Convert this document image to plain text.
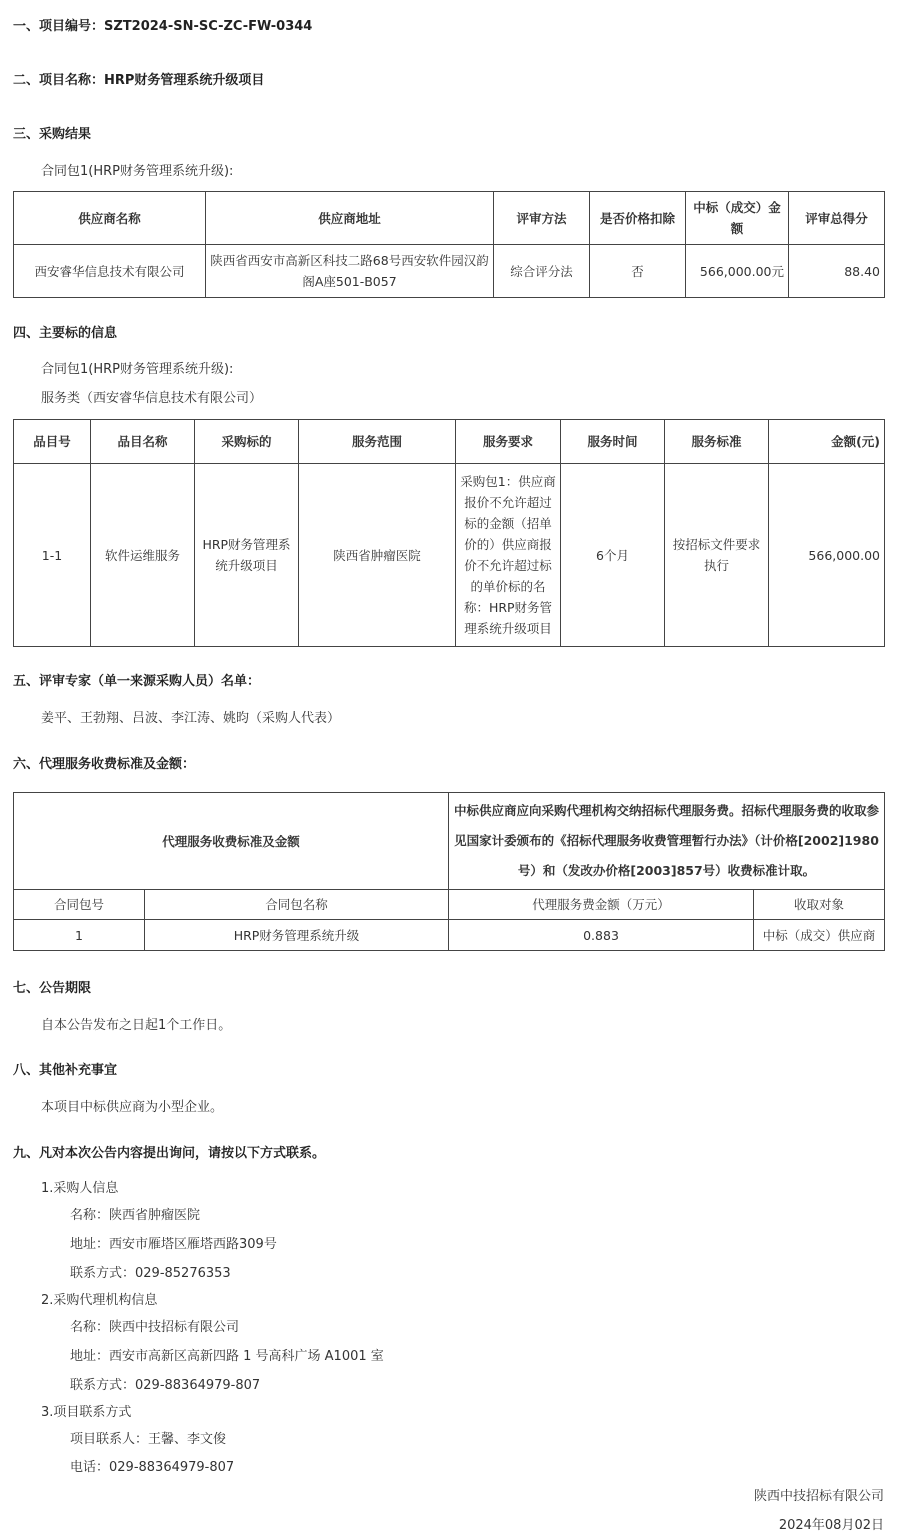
一、项目编号：SZT2024-SN-SC-ZC-FW-0344
二、项目名称：HRP财务管理系统升级项目
三、采购结果
合同包1(HRP财务管理系统升级):
供应商名称	供应商地址	评审方法	是否价格扣除	中标（成交）金额	评审总得分
西安睿华信息技术有限公司	陕西省西安市高新区科技二路68号西安软件园汉韵阁A座501-B057	综合评分法	否	566,000.00元	88.40
四、主要标的信息
合同包1(HRP财务管理系统升级):
服务类（西安睿华信息技术有限公司）
品目号	品目名称	采购标的	服务范围	服务要求	服务时间	服务标准	金额(元)
1-1	软件运维服务	HRP财务管理系统升级项目	陕西省肿瘤医院	采购包1：供应商报价不允许超过标的金额（招单价的）供应商报价不允许超过标的单价标的名称：HRP财务管理系统升级项目	6个月	按招标文件要求执行	566,000.00
五、评审专家（单一来源采购人员）名单：
姜平、王勃翔、吕波、李江涛、姚昀（采购人代表）
六、代理服务收费标准及金额：
代理服务收费标准及金额		中标供应商应向采购代理机构交纳招标代理服务费。招标代理服务费的收取参见国家计委颁布的《招标代理服务收费管理暂行办法》（计价格[2002]1980号）和（发改办价格[2003]857号）收费标准计取。	
合同包号	合同包名称	代理服务费金额（万元）	收取对象
1	HRP财务管理系统升级	0.883	中标（成交）供应商
七、公告期限
自本公告发布之日起1个工作日。
八、其他补充事宜
本项目中标供应商为小型企业。
九、凡对本次公告内容提出询问，请按以下方式联系。
1.采购人信息
名称：陕西省肿瘤医院
地址：西安市雁塔区雁塔西路309号
联系方式：029-85276353
2.采购代理机构信息
名称：陕西中技招标有限公司
地址：西安市高新区高新四路 1 号高科广场 A1001 室
联系方式：029-88364979-807
3.项目联系方式
项目联系人：王馨、李文俊
电话：029-88364979-807
陕西中技招标有限公司
2024年08月02日
